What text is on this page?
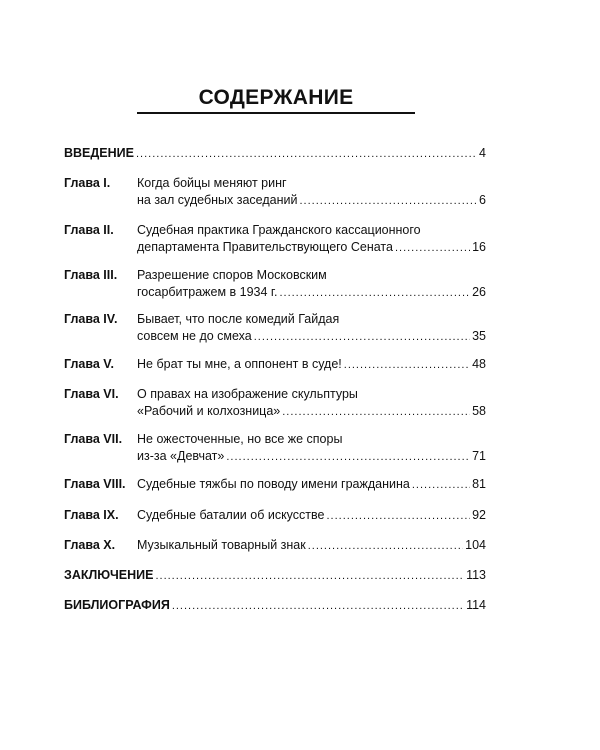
СОДЕРЖАНИЕ
ВВЕДЕНИЕ .....	4
Глава I.	Когда бойцы меняют ринг
на зал судебных заседаний .....	6
Глава II.	Судебная практика Гражданского кассационного
департамента Правительствующего Сената .....	16
Глава III.	Разрешение споров Московским
госарбитражем в 1934 г. .....	26
Глава IV.	Бывает, что после комедий Гайдая
совсем не до смеха .....	35
Глава V.	Не брат ты мне, а оппонент в суде! .....	48
Глава VI.	О правах на изображение скульптуры
«Рабочий и колхозница» .....	58
Глава VII.	Не ожесточенные, но все же споры
из-за «Девчат» .....	71
Глава VIII. Судебные тяжбы по поводу имени гражданина .....	81
Глава IX.	Судебные баталии об искусстве .....	92
Глава X.	Музыкальный товарный знак .....	104
ЗАКЛЮЧЕНИЕ .....	113
БИБЛИОГРАФИЯ .....	114
